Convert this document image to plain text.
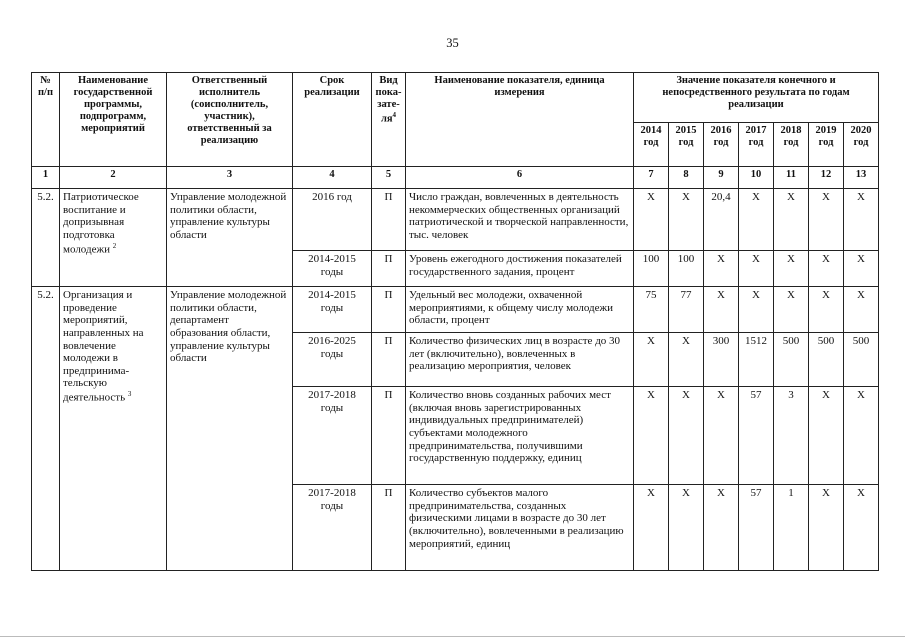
35
№ п/п	Наименование государственной программы, подпрограмм, мероприятий	Ответственный исполнитель (соисполнитель, участник), ответственный за реализацию	Срок реализации	Вид пока-$зате-ля^4$	Наименование показателя, единица измерения	Значение показателя конечного и непосредственного результата по годам реализации						
						2014 год	2015 год	2016 год	2017 год	2018 год	2019 год	2020 год
1	2	3	4	5	6	7	8	9	10	11	12	13
5.2.	Патриотическое воспитание и допризывная подготовка молодежи $^2$	Управление молодежной политики области, управление культуры области	2016 год	П	Число граждан, вовлеченных в деятельность некоммерческих общественных организаций патриотической и творческой направленности, тыс. человек	Х	Х	20,4	Х	Х	Х	Х
			2014-2015 годы	П	Уровень ежегодного достижения показателей государственного задания, процент	100	100	Х	Х	Х	Х	Х
5.2.	Организация и проведение мероприятий, направленных на вовлечение молодежи в предпринима-тельскую деятельность $^3$	Управление молодежной политики области, департамент образования области, управление культуры области	2014-2015 годы	П	Удельный вес молодежи, охваченной мероприятиями, к общему числу молодежи области, процент	75	77	Х	Х	Х	Х	Х
			2016-2025 годы	П	Количество физических лиц в возрасте до 30 лет (включительно), вовлеченных в реализацию мероприятия, человек	Х	Х	300	1512	500	500	500
			2017-2018 годы	П	Количество вновь созданных рабочих мест (включая вновь зарегистрированных индивидуальных предпринимателей) субъектами молодежного предпринимательства, получившими государственную поддержку, единиц	Х	Х	Х	57	3	Х	Х
			2017-2018 годы	П	Количество субъектов малого предпринимательства, созданных физическими лицами в возрасте до 30 лет (включительно), вовлеченными в реализацию мероприятий, единиц	Х	Х	Х	57	1	Х	Х
